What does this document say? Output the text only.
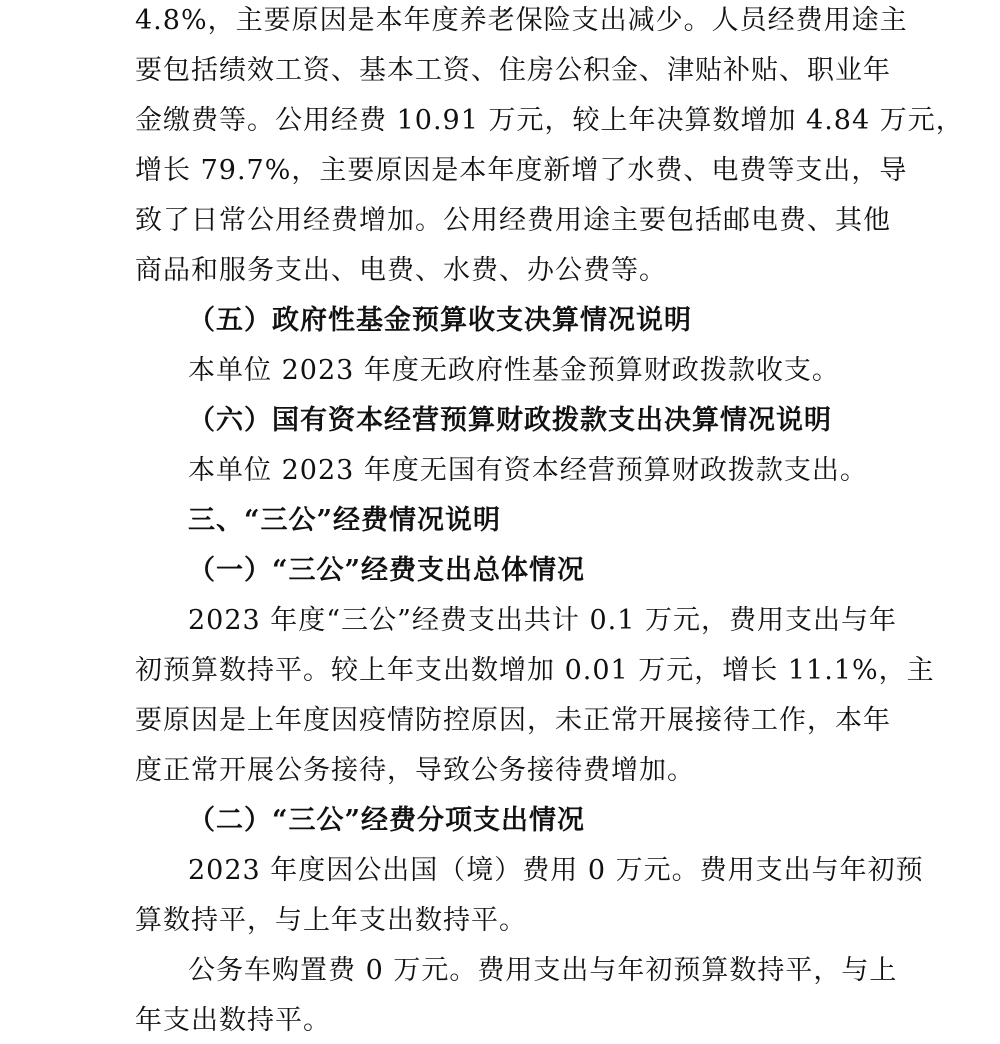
4.8%，主要原因是本年度养老保险支出减少。人员经费用途主
要包括绩效工资、基本工资、住房公积金、津贴补贴、职业年
金缴费等。公用经费 10.91 万元，较上年决算数增加 4.84 万元，
增长 79.7%，主要原因是本年度新增了水费、电费等支出，导
致了日常公用经费增加。公用经费用途主要包括邮电费、其他
商品和服务支出、电费、水费、办公费等。
（五）政府性基金预算收支决算情况说明
本单位 2023 年度无政府性基金预算财政拨款收支。
（六）国有资本经营预算财政拨款支出决算情况说明
本单位 2023 年度无国有资本经营预算财政拨款支出。
三、“三公”经费情况说明
（一）“三公”经费支出总体情况
2023 年度“三公”经费支出共计 0.1 万元，费用支出与年
初预算数持平。较上年支出数增加 0.01 万元，增长 11.1%，主
要原因是上年度因疫情防控原因，未正常开展接待工作，本年
度正常开展公务接待，导致公务接待费增加。
（二）“三公”经费分项支出情况
2023 年度因公出国（境）费用 0 万元。费用支出与年初预
算数持平，与上年支出数持平。
公务车购置费 0 万元。费用支出与年初预算数持平，与上
年支出数持平。
